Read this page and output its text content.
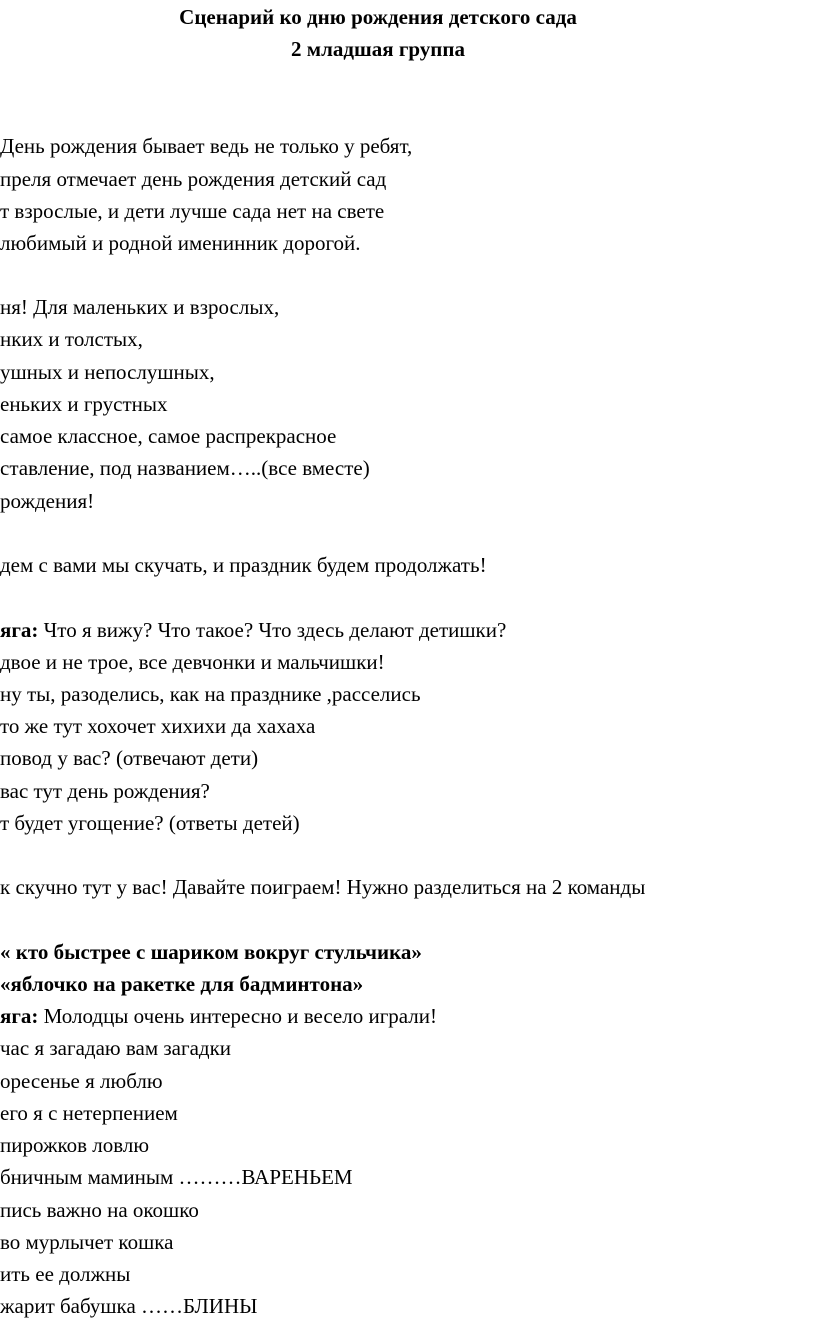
Сценарий ко дню рождения детского сада
2 младшая группа
День рождения бывает ведь не только у ребят,
преля отмечает день рождения детский сад
т взрослые, и дети лучше сада нет на свете
любимый и родной именинник дорогой.
ня! Для маленьких и взрослых,
нких и толстых,
ушных и непослушных,
еньких и грустных
самое классное, самое распрекрасное
ставление, под названием…..(все вместе)
рождения!
дем с вами мы скучать, и праздник будем продолжать!
яга: Что я вижу? Что такое? Что здесь делают детишки?
двое и не трое, все девчонки и мальчишки!
ну ты, разоделись, как на празднике ,расселись
то же тут хохочет хихихи да хахаха
повод у вас? (отвечают дети)
вас тут день рождения?
т будет угощение? (ответы детей)
к скучно тут у вас! Давайте поиграем! Нужно разделиться на 2 команды
« кто быстрее с шариком вокруг стульчика»
«яблочко на ракетке для бадминтона»
яга: Молодцы очень интересно и весело играли!
час я загадаю вам загадки
оресенье я люблю
его я с нетерпением
пирожков ловлю
бничным маминым ………ВАРЕНЬЕМ
пись важно на окошко
во мурлычет кошка
ить ее должны
жарит бабушка ……БЛИНЫ
